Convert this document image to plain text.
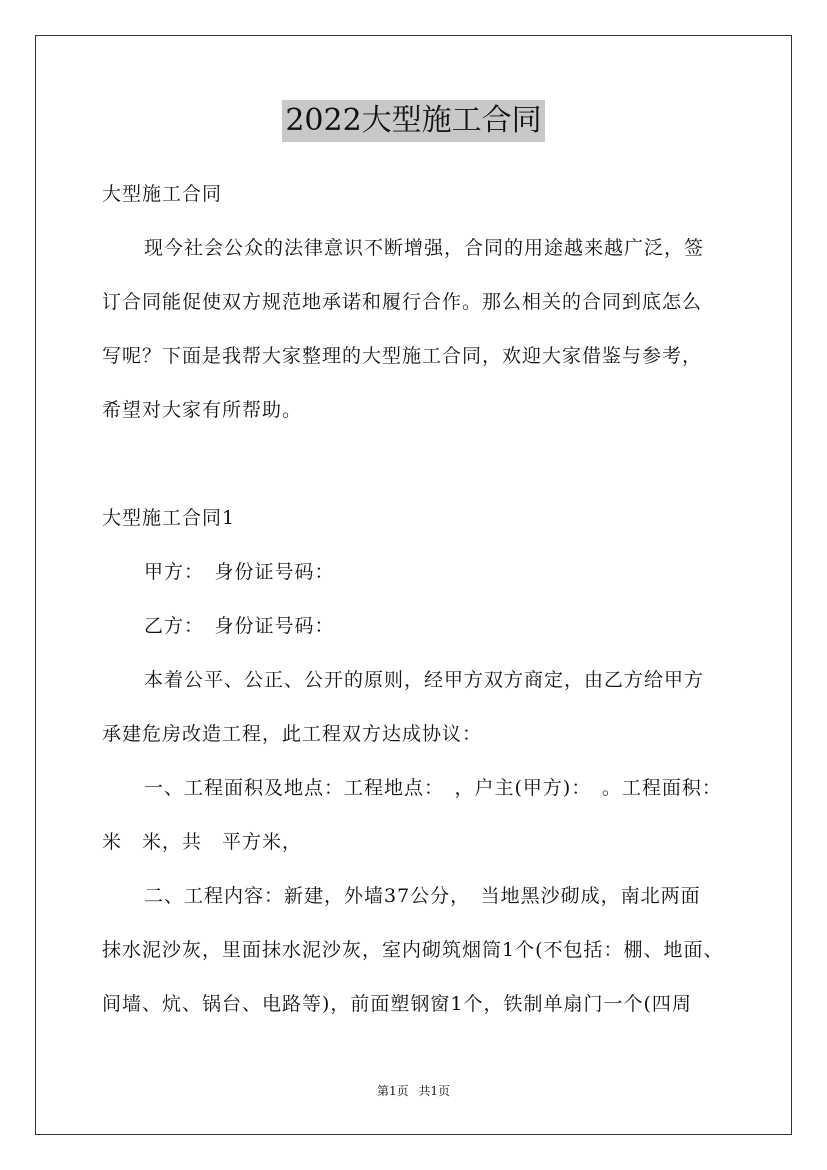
2022大型施工合同
大型施工合同
现今社会公众的法律意识不断增强，合同的用途越来越广泛，签
订合同能促使双方规范地承诺和履行合作。那么相关的合同到底怎么
写呢？下面是我帮大家整理的大型施工合同，欢迎大家借鉴与参考，
希望对大家有所帮助。
大型施工合同1
甲方：　身份证号码：
乙方：　身份证号码：
本着公平、公正、公开的原则，经甲方双方商定，由乙方给甲方
承建危房改造工程，此工程双方达成协议：
一、工程面积及地点：工程地点：　，户主(甲方)：　。工程面积：
米　米，共　平方米，
二、工程内容：新建，外墙37公分，　当地黑沙砌成，南北两面
抹水泥沙灰，里面抹水泥沙灰，室内砌筑烟筒1个(不包括：棚、地面、
间墙、炕、锅台、电路等)，前面塑钢窗1个，铁制单扇门一个(四周
第1页 共1页
